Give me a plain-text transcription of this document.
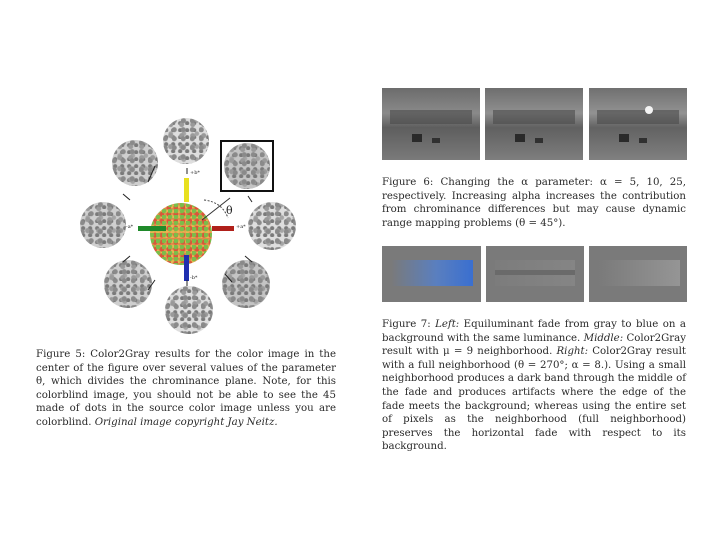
+b*
-b*
-a*	+a*
θ

Figure 5: Color2Gray results for the color image in the center of the figure over several values of the parameter θ, which divides the chrominance plane. Note, for this colorblind image, you should not be able to see the 45 made of dots in the source color image unless you are colorblind. Original image copyright Jay Neitz.

Figure 6: Changing the α parameter: α = 5, 10, 25, respectively. Increasing alpha increases the contribution from chrominance differences but may cause dynamic range mapping problems (θ = 45°).

Figure 7: Left: Equiluminant fade from gray to blue on a background with the same luminance. Middle: Color2Gray result with μ = 9 neighborhood. Right: Color2Gray result with a full neighborhood (θ = 270°; α = 8.). Using a small neighborhood produces a dark band through the middle of the fade and produces artifacts where the edge of the fade meets the background; whereas using the entire set of pixels as the neighborhood (full neighborhood) preserves the horizontal fade with respect to its background.
